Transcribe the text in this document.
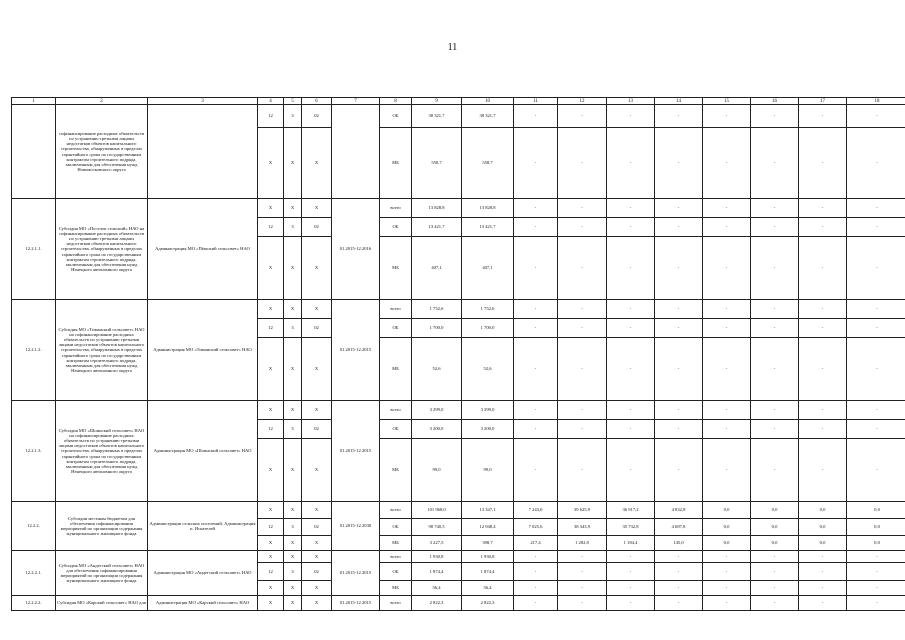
11
1	2	3	4	5	6	7	8	9	10	11	12	13	14	15	16	17	18
	софинансирование расходных обязательств по устранению третьими лицами недостатков объектов капитального строительства, обнаруженных в пределах гарантийного срока по государственным контрактам строительного подряда, заключенным для обеспечения нужд Новомосковского округа		12	3	02		ОБ	38 321,7	38 321,7	-	-	-	-	-	-	-	-
			X	X	X		МБ	558,7	558,7	-	-	-	-	-	-	-	-
12.2.1.1.	Субсидия МО «Поселок сельский» НАО на софинансирование расходных обязательств по устранению третьими лицами недостатков объектов капитального строительства, обнаруженных в пределах гарантийного срока по государственным контрактам строительного подряда, заключенным для обеспечения нужд Ненецкого автономного округа	Администрация МО «Пёшский сельсовет» НАО	X	X	X	01.2015-12.2016	всего	13 828,8	13 828,8	-	-	-	-	-	-	-	-
			12	3	02		ОБ	13 421,7	13 421,7	-	-	-	-	-	-	-	-
			X	X	X		МБ	407,1	407,1	-	-	-	-	-	-	-	-
12.2.1.2.	Субсидия МО «Тиманский сельсовет» НАО на софинансирование расходных обязательств по устранению третьими лицами недостатков объектов капитального строительства, обнаруженных в пределах гарантийного срока по государственным контрактам строительного подряда, заключенным для обеспечения нужд Ненецкого автономного округа	Администрация МО «Тиманский сельсовет» НАО	X	X	X	01.2015-12.2015	всего	1 752,6	1 752,6	-	-	-	-	-	-	-	-
			12	3	02		ОБ	1 700,0	1 700,0	-	-	-	-	-	-	-	-
			X	X	X		МБ	52,6	52,6	-	-	-	-	-	-	-	-
12.2.1.3.	Субсидия МО «Шоинский сельсовет» НАО на софинансирование расходных обязательств по устранению третьими лицами недостатков объектов капитального строительства, обнаруженных в пределах гарантийного срока по государственным контрактам строительного подряда, заключенным для обеспечения нужд Ненецкого автономного округа	Администрация МО «Шоинский сельсовет» НАО	X	X	X	01.2015-12.2015	всего	3 299,0	3 299,0	-	-	-	-	-	-	-	-
			12	3	02		ОБ	3 200,0	3 200,0	-	-	-	-	-	-	-	-
			X	X	X		МБ	99,0	99,0	-	-	-	-	-	-	-	-
12.2.2.	Субсидии местным бюджетам для обеспечения софинансирования мероприятий по организации содержания муниципального жилищного фонда	Администрации сельских поселений, Администрация п. Искателей	X	X	X	01.2015-12.2030	всего	101 968,0	13 347,1	7 243,0	39 625,9	36 917,2	4 832,8	0,0	0,0	0,0	0,0
			12	3	02		ОБ	98 740,5	12 948,4	7 025,6	38 343,9	35 732,8	4 687,8	0,0	0,0	0,0	0,0
			X	X	X		МБ	3 227,5	398,7	217,4	1 282,0	1 184,4	145,0	0,0	0,0	0,0	0,0
12.2.2.1.	Субсидия МО «Андегский сельсовет» НАО для обеспечения софинансирования мероприятий по организации содержания муниципального жилищного фонда	Администрация МО «Андегский сельсовет» НАО	X	X	X	01.2015-12.2015	всего	1 930,8	1 930,8	-	-	-	-	-	-	-	-
			12	3	02		ОБ	1 874,4	1 874,4	-	-	-	-	-	-	-	-
			X	X	X		МБ	56,4	56,4	-	-	-	-	-	-	-	-
12.2.2.2.	Субсидия МО «Карский сельсовет» НАО для	Администрация МО «Карский сельсовет» НАО	X	X	X	01.2015-12.2015	всего	2 822,3	2 822,3	-	-	-	-	-	-	-	-
